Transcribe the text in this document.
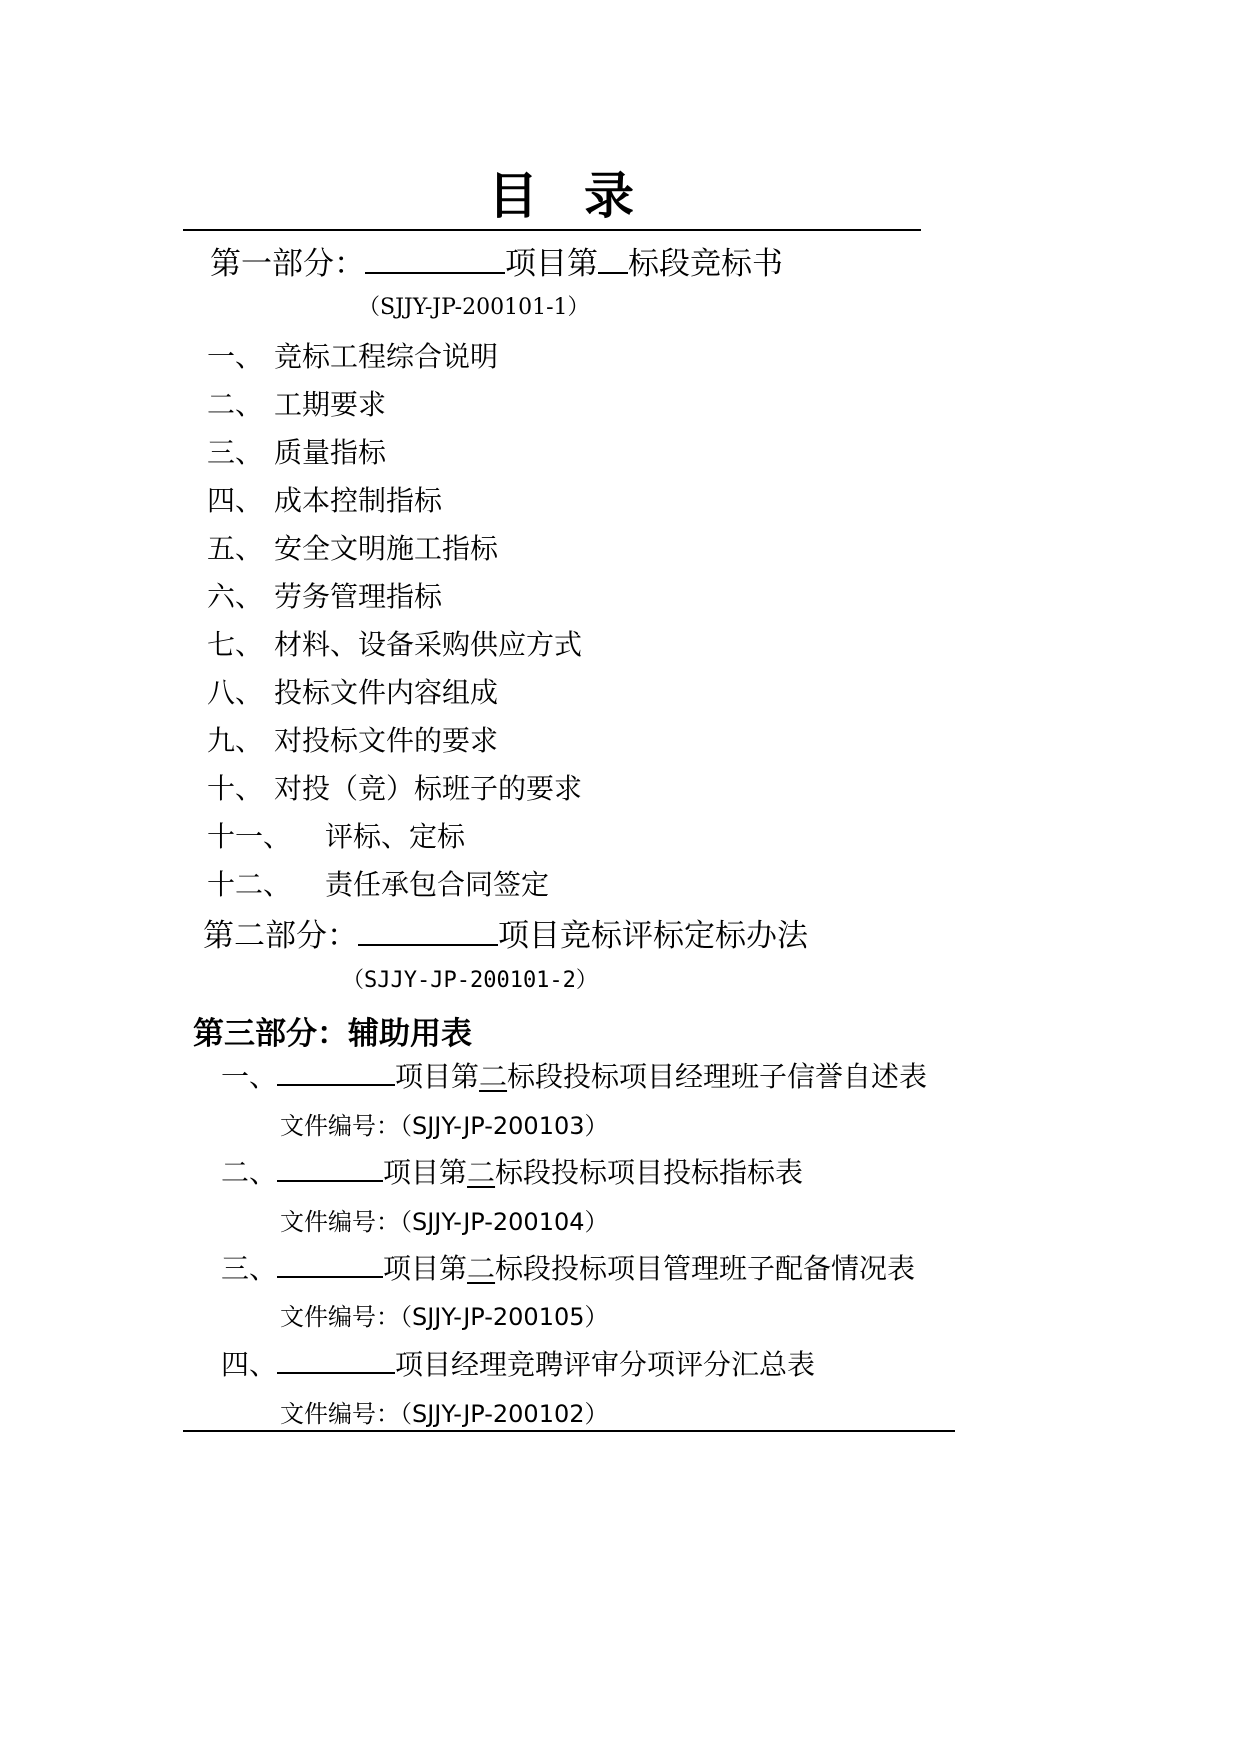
目 录
第一部分：	项目第 标段竞标书
（SJJY-JP-200101-1）
一、 竞标工程综合说明
二、 工期要求
三、 质量指标
四、 成本控制指标
五、 安全文明施工指标
六、 劳务管理指标
七、 材料、设备采购供应方式
八、 投标文件内容组成
九、 对投标文件的要求
十、 对投（竞）标班子的要求
十一、 评标、定标
十二、 责任承包合同签定
第二部分：	项目竞标评标定标办法
（SJJY-JP-200101-2）
第三部分：辅助用表
一、	项目第二标段投标项目经理班子信誉自述表
文件编号：（SJJY-JP-200103）
二、	项目第二标段投标项目投标指标表
文件编号：（SJJY-JP-200104）
三、	项目第二标段投标项目管理班子配备情况表
文件编号：（SJJY-JP-200105）
四、	项目经理竞聘评审分项评分汇总表
文件编号：（SJJY-JP-200102）
